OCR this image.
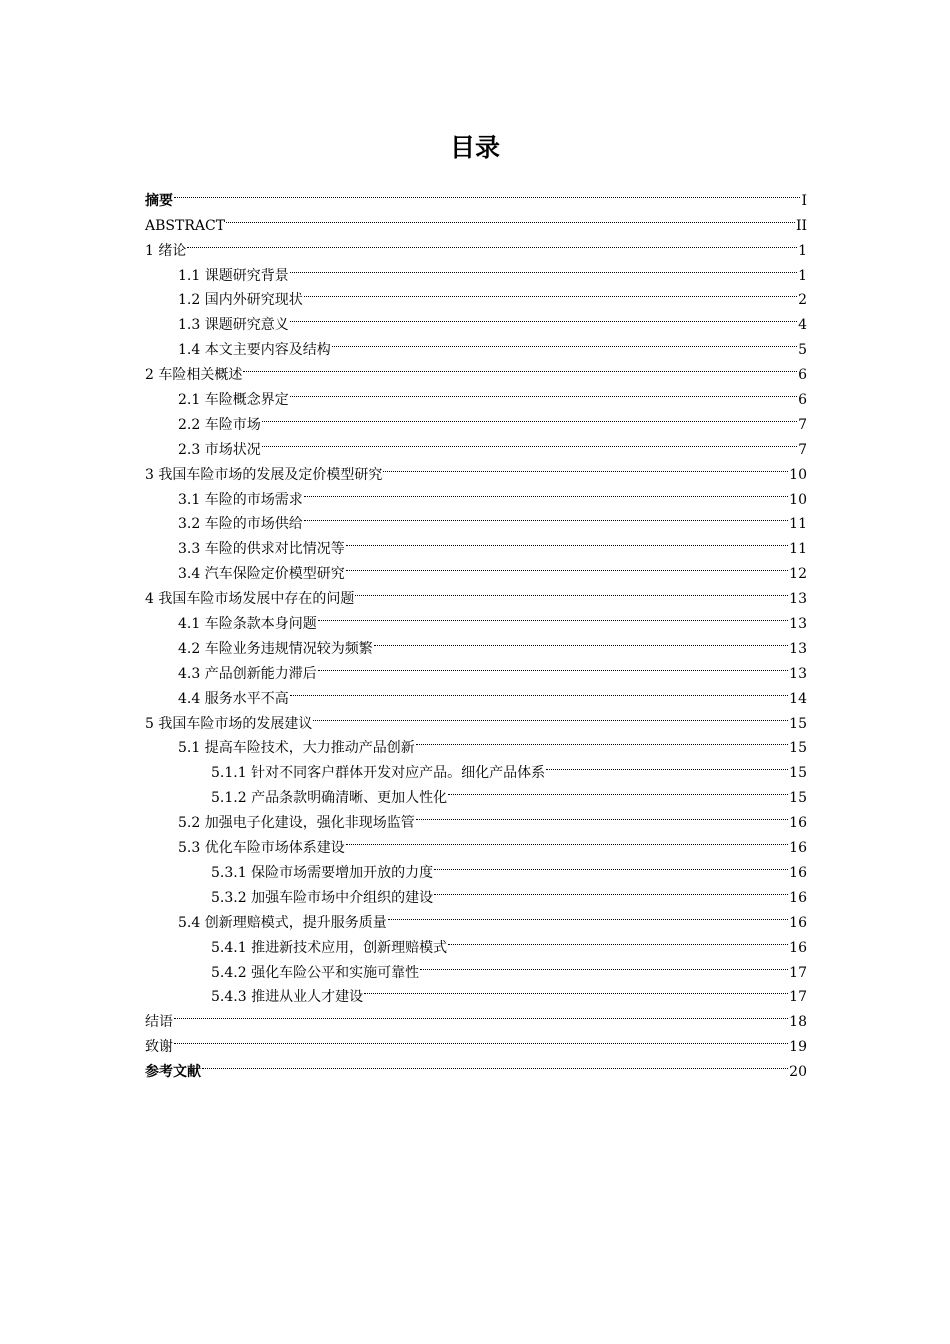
目录
摘要	I
ABSTRACT	II
1 绪论	1
1.1 课题研究背景	1
1.2 国内外研究现状	2
1.3 课题研究意义	4
1.4 本文主要内容及结构	5
2 车险相关概述	6
2.1 车险概念界定	6
2.2 车险市场	7
2.3 市场状况	7
3 我国车险市场的发展及定价模型研究	10
3.1 车险的市场需求	10
3.2 车险的市场供给	11
3.3 车险的供求对比情况等	11
3.4 汽车保险定价模型研究	12
4 我国车险市场发展中存在的问题	13
4.1 车险条款本身问题	13
4.2 车险业务违规情况较为频繁	13
4.3 产品创新能力滞后	13
4.4 服务水平不高	14
5 我国车险市场的发展建议	15
5.1 提高车险技术，大力推动产品创新	15
5.1.1 针对不同客户群体开发对应产品。细化产品体系	15
5.1.2 产品条款明确清晰、更加人性化	15
5.2 加强电子化建设，强化非现场监管	16
5.3 优化车险市场体系建设	16
5.3.1 保险市场需要增加开放的力度	16
5.3.2 加强车险市场中介组织的建设	16
5.4 创新理赔模式，提升服务质量	16
5.4.1 推进新技术应用，创新理赔模式	16
5.4.2 强化车险公平和实施可靠性	17
5.4.3 推进从业人才建设	17
结语	18
致谢	19
参考文献	20
